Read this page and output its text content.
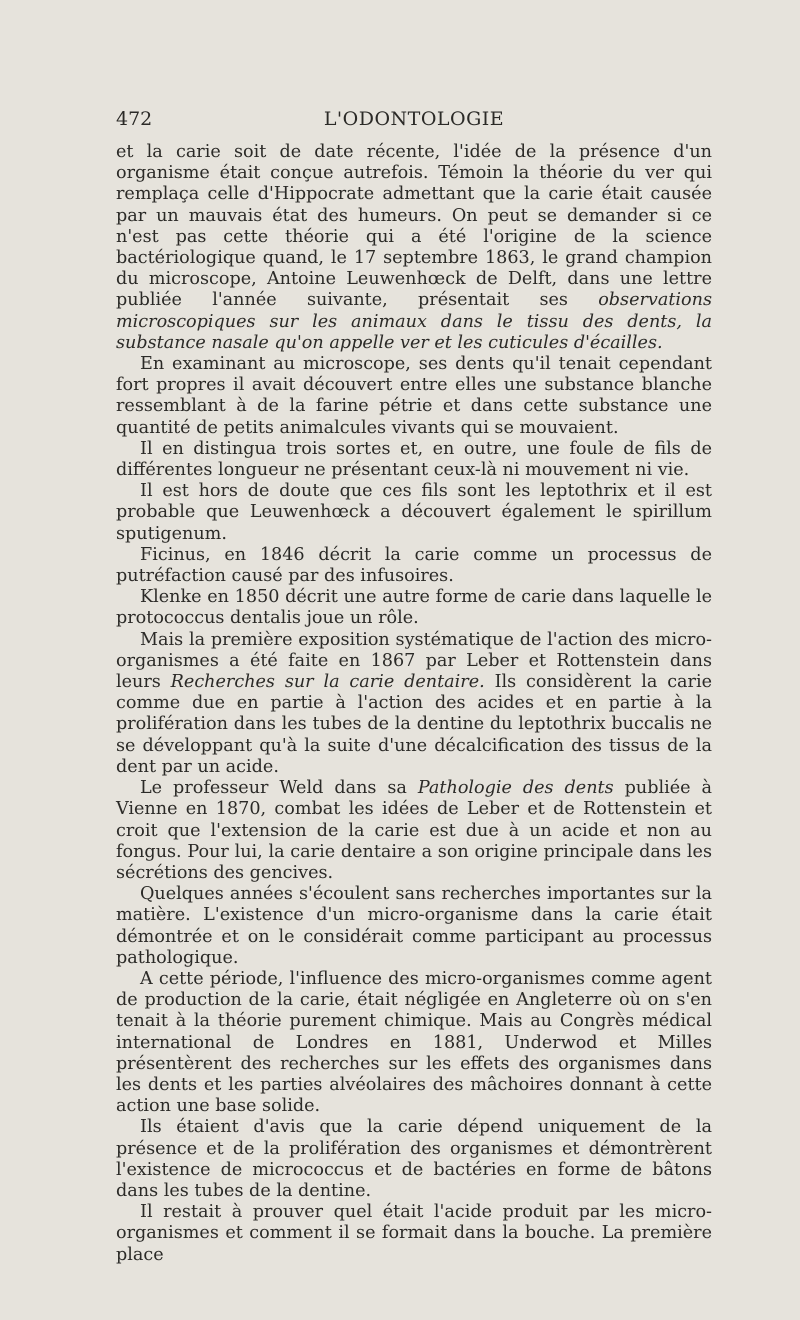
472	L'ODONTOLOGIE

et la carie soit de date récente, l'idée de la présence d'un organisme était conçue autrefois. Témoin la théorie du ver qui remplaça celle d'Hippocrate admettant que la carie était causée par un mauvais état des humeurs. On peut se demander si ce n'est pas cette théorie qui a été l'origine de la science bactériologique quand, le 17 septembre 1863, le grand champion du microscope, Antoine Leuwenhœck de Delft, dans une lettre publiée l'année suivante, présentait ses observations microscopiques sur les animaux dans le tissu des dents, la substance nasale qu'on appelle ver et les cuticules d'écailles.

En examinant au microscope, ses dents qu'il tenait cependant fort propres il avait découvert entre elles une substance blanche ressemblant à de la farine pétrie et dans cette substance une quantité de petits animalcules vivants qui se mouvaient.

Il en distingua trois sortes et, en outre, une foule de fils de différentes longueur ne présentant ceux-là ni mouvement ni vie.

Il est hors de doute que ces fils sont les leptothrix et il est probable que Leuwenhœck a découvert également le spirillum sputigenum.

Ficinus, en 1846 décrit la carie comme un processus de putréfaction causé par des infusoires.

Klenke en 1850 décrit une autre forme de carie dans laquelle le protococcus dentalis joue un rôle.

Mais la première exposition systématique de l'action des micro-organismes a été faite en 1867 par Leber et Rottenstein dans leurs Recherches sur la carie dentaire. Ils considèrent la carie comme due en partie à l'action des acides et en partie à la prolifération dans les tubes de la dentine du leptothrix buccalis ne se développant qu'à la suite d'une décalcification des tissus de la dent par un acide.

Le professeur Weld dans sa Pathologie des dents publiée à Vienne en 1870, combat les idées de Leber et de Rottenstein et croit que l'extension de la carie est due à un acide et non au fongus. Pour lui, la carie dentaire a son origine principale dans les sécrétions des gencives.

Quelques années s'écoulent sans recherches importantes sur la matière. L'existence d'un micro-organisme dans la carie était démontrée et on le considérait comme participant au processus pathologique.

A cette période, l'influence des micro-organismes comme agent de production de la carie, était négligée en Angleterre où on s'en tenait à la théorie purement chimique. Mais au Congrès médical international de Londres en 1881, Underwod et Milles présentèrent des recherches sur les effets des organismes dans les dents et les parties alvéolaires des mâchoires donnant à cette action une base solide.

Ils étaient d'avis que la carie dépend uniquement de la présence et de la prolifération des organismes et démontrèrent l'existence de micrococcus et de bactéries en forme de bâtons dans les tubes de la dentine.

Il restait à prouver quel était l'acide produit par les micro-organismes et comment il se formait dans la bouche. La première place
